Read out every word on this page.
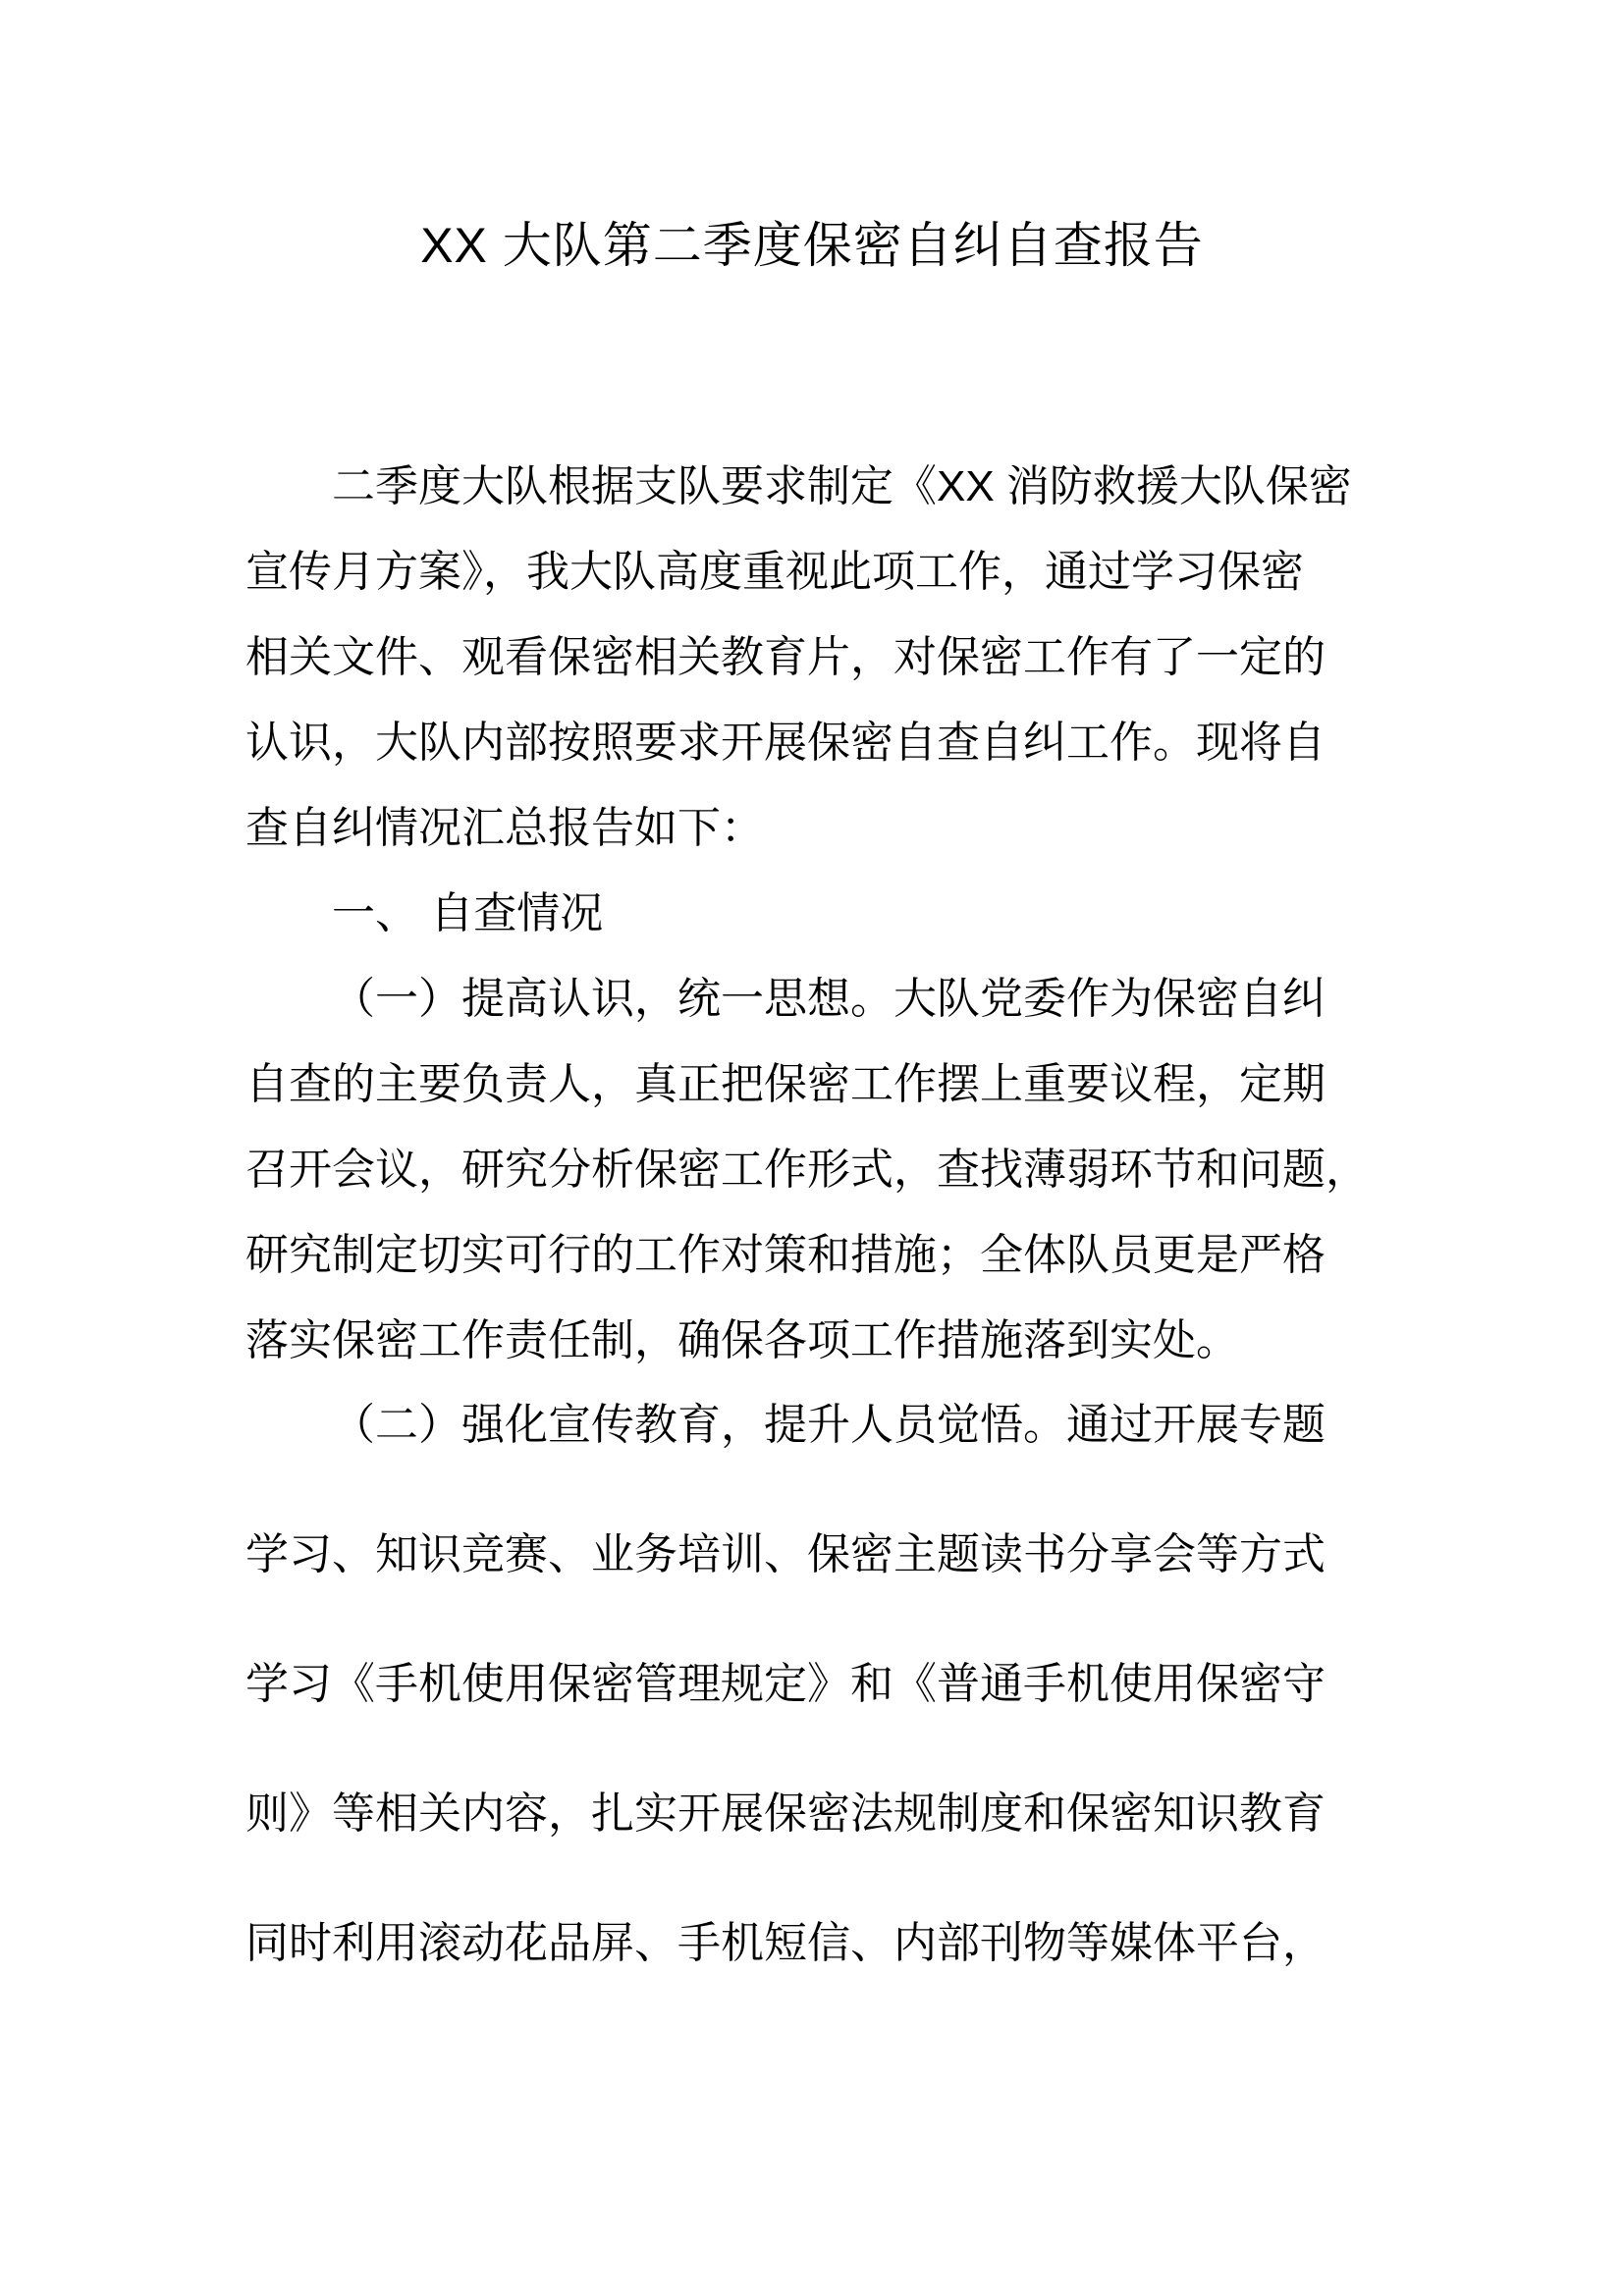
XX 大队第二季度保密自纠自查报告
二季度大队根据支队要求制定《XX 消防救援大队保密
宣传月方案》，我大队高度重视此项工作，通过学习保密
相关文件、观看保密相关教育片，对保密工作有了一定的
认识，大队内部按照要求开展保密自查自纠工作。现将自
查自纠情况汇总报告如下：
一、 自查情况
（一）提高认识，统一思想。大队党委作为保密自纠
自查的主要负责人，真正把保密工作摆上重要议程，定期
召开会议，研究分析保密工作形式，查找薄弱环节和问题，
研究制定切实可行的工作对策和措施；全体队员更是严格
落实保密工作责任制，确保各项工作措施落到实处。
（二）强化宣传教育，提升人员觉悟。通过开展专题
学习、知识竞赛、业务培训、保密主题读书分享会等方式
学习《手机使用保密管理规定》和《普通手机使用保密守
则》等相关内容，扎实开展保密法规制度和保密知识教育
同时利用滚动花品屏、手机短信、内部刊物等媒体平台，
